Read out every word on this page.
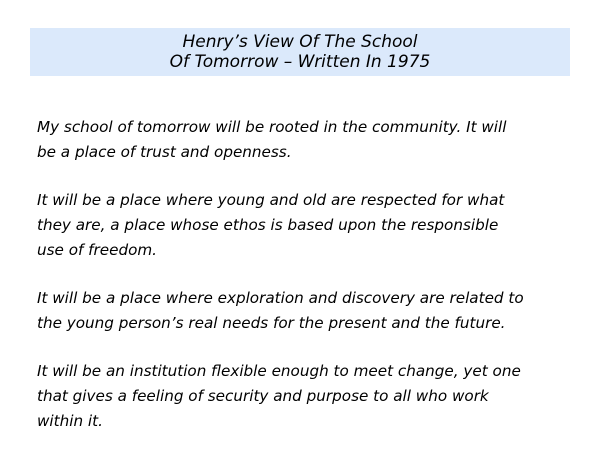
Henry’s View Of The School
Of Tomorrow – Written In 1975

My school of tomorrow will be rooted in the community. It will
be a place of trust and openness.

It will be a place where young and old are respected for what
they are, a place whose ethos is based upon the responsible
use of freedom.

It will be a place where exploration and discovery are related to
the young person’s real needs for the present and the future.

It will be an institution flexible enough to meet change, yet one
that gives a feeling of security and purpose to all who work
within it.
